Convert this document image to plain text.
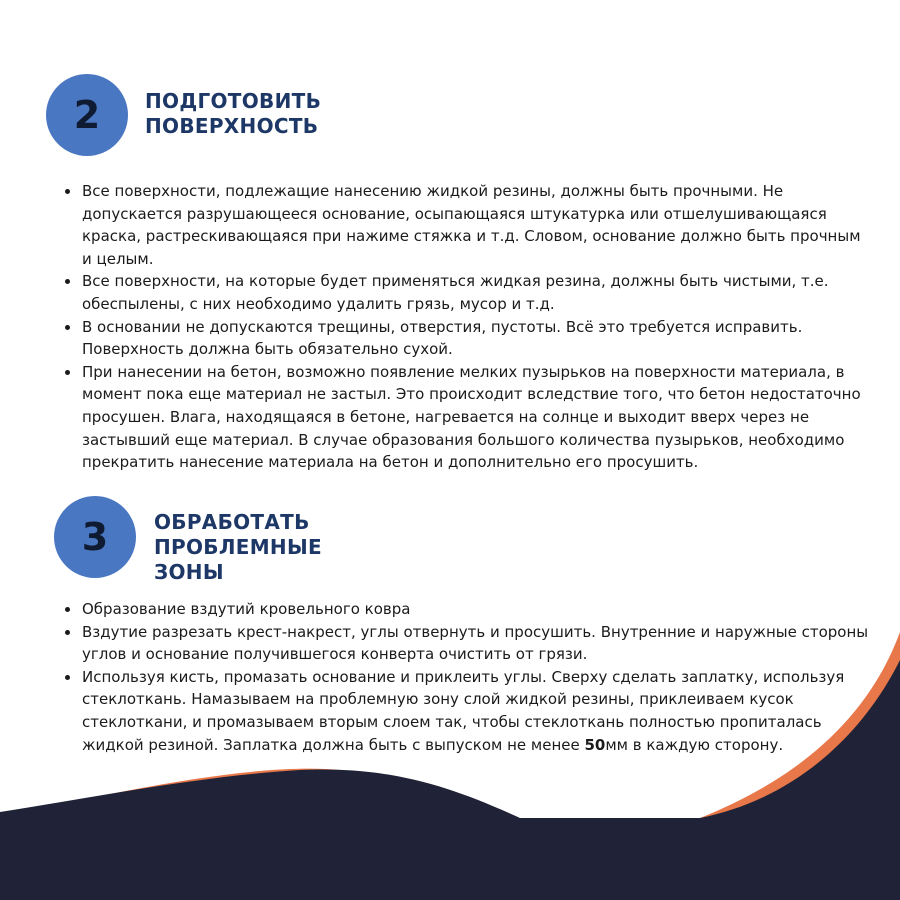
2	ПОДГОТОВИТЬ
ПОВЕРХНОСТЬ
Все поверхности, подлежащие нанесению жидкой резины, должны быть прочными. Не допускается разрушающееся основание, осыпающаяся штукатурка или отшелушивающаяся краска, растрескивающаяся при нажиме стяжка и т.д. Словом, основание должно быть прочным и целым.
Все поверхности, на которые будет применяться жидкая резина, должны быть чистыми, т.е. обеспылены, с них необходимо удалить грязь, мусор и т.д.
В основании не допускаются трещины, отверстия, пустоты. Всё это требуется исправить. Поверхность должна быть обязательно сухой.
При нанесении на бетон, возможно появление мелких пузырьков на поверхности материала, в момент пока еще материал не застыл. Это происходит вследствие того, что бетон недостаточно просушен. Влага, находящаяся в бетоне, нагревается на солнце и выходит вверх через не застывший еще материал. В случае образования большого количества пузырьков, необходимо прекратить нанесение материала на бетон и дополнительно его просушить.
3	ОБРАБОТАТЬ
ПРОБЛЕМНЫЕ ЗОНЫ
Образование вздутий кровельного ковра
Вздутие разрезать крест-накрест, углы отвернуть и просушить. Внутренние и наружные стороны углов и основание получившегося конверта очистить от грязи.
Используя кисть, промазать основание и приклеить углы. Сверху сделать заплатку, используя стеклоткань. Намазываем на проблемную зону слой жидкой резины, приклеиваем кусок стеклоткани, и промазываем вторым слоем так, чтобы стеклоткань полностью пропиталась жидкой резиной. Заплатка должна быть с выпуском не менее 50мм в каждую сторону.
